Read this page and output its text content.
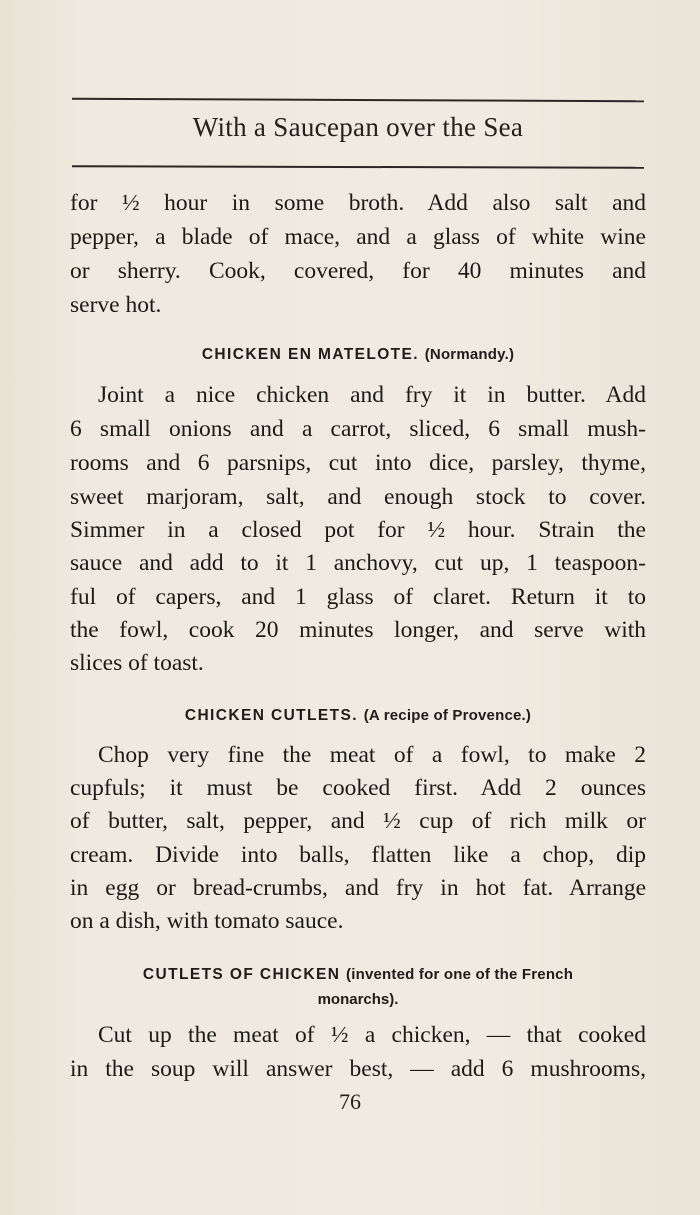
With a Saucepan over the Sea
for ½ hour in some broth. Add also salt and
pepper, a blade of mace, and a glass of white wine
or sherry. Cook, covered, for 40 minutes and
serve hot.
CHICKEN EN MATELOTE. (Normandy.)
Joint a nice chicken and fry it in butter. Add
6 small onions and a carrot, sliced, 6 small mush-
rooms and 6 parsnips, cut into dice, parsley, thyme,
sweet marjoram, salt, and enough stock to cover.
Simmer in a closed pot for ½ hour. Strain the
sauce and add to it 1 anchovy, cut up, 1 teaspoon-
ful of capers, and 1 glass of claret. Return it to
the fowl, cook 20 minutes longer, and serve with
slices of toast.
CHICKEN CUTLETS. (A recipe of Provence.)
Chop very fine the meat of a fowl, to make 2
cupfuls; it must be cooked first. Add 2 ounces
of butter, salt, pepper, and ½ cup of rich milk or
cream. Divide into balls, flatten like a chop, dip
in egg or bread-crumbs, and fry in hot fat. Arrange
on a dish, with tomato sauce.
CUTLETS OF CHICKEN (invented for one of the French
monarchs).
Cut up the meat of ½ a chicken, — that cooked
in the soup will answer best, — add 6 mushrooms,
76
